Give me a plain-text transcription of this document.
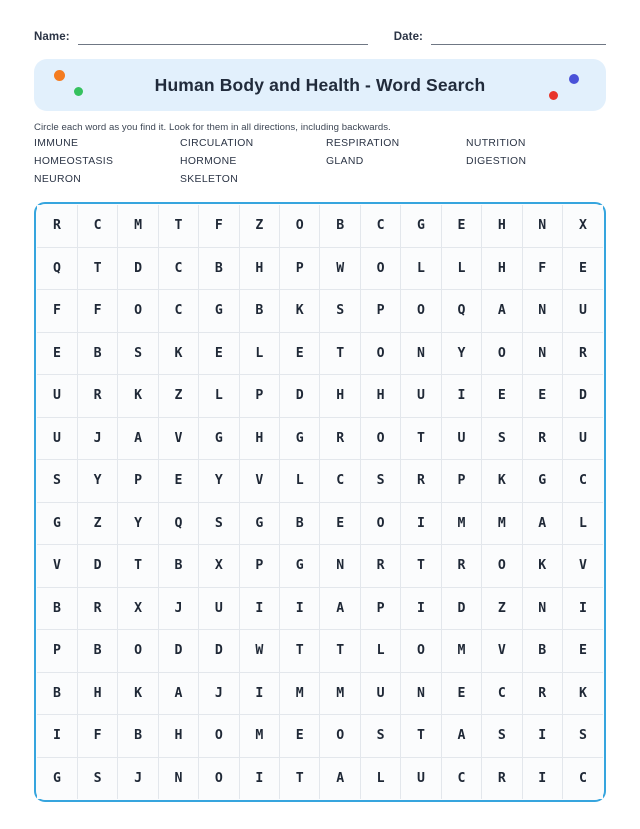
Name:	Date:
Human Body and Health - Word Search
Circle each word as you find it. Look for them in all directions, including backwards.
IMMUNE	CIRCULATION	RESPIRATION	NUTRITION
HOMEOSTASIS	HORMONE	GLAND	DIGESTION
NEURON	SKELETON
R	C	M	T	F	Z	O	B	C	G	E	H	N	X
Q	T	D	C	B	H	P	W	O	L	L	H	F	E
F	F	O	C	G	B	K	S	P	O	Q	A	N	U
E	B	S	K	E	L	E	T	O	N	Y	O	N	R
U	R	K	Z	L	P	D	H	H	U	I	E	E	D
U	J	A	V	G	H	G	R	O	T	U	S	R	U
S	Y	P	E	Y	V	L	C	S	R	P	K	G	C
G	Z	Y	Q	S	G	B	E	O	I	M	M	A	L
V	D	T	B	X	P	G	N	R	T	R	O	K	V
B	R	X	J	U	I	I	A	P	I	D	Z	N	I
P	B	O	D	D	W	T	T	L	O	M	V	B	E
B	H	K	A	J	I	M	M	U	N	E	C	R	K
I	F	B	H	O	M	E	O	S	T	A	S	I	S
G	S	J	N	O	I	T	A	L	U	C	R	I	C
